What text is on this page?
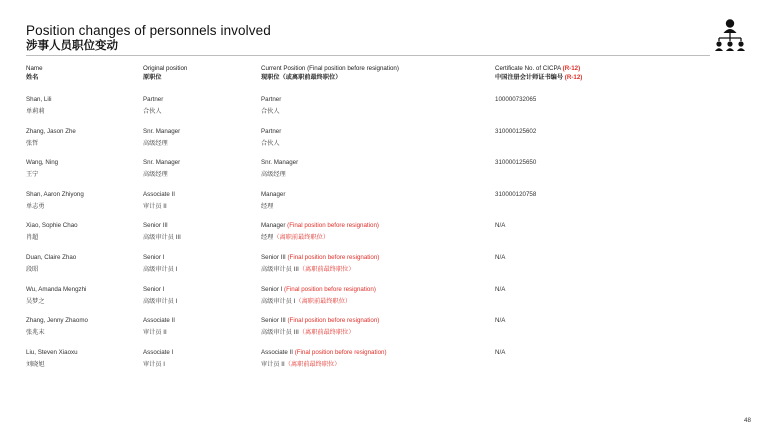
Position changes of personnels involved
涉事人员职位变动
Name
姓名
Original position
原职位
Current Position (Final position before resignation)
现职位（或离职前最终职位）
Certificate No. of CICPA (R-12)
中国注册会计师证书编号 (R-12)
Shan, Lili
单莉莉
Partner
合伙人
Partner
合伙人
100000732065
Zhang, Jason Zhe
张哲
Snr. Manager
高级经理
Partner
合伙人
310000125602
Wang, Ning
王宁
Snr. Manager
高级经理
Snr. Manager
高级经理
310000125650
Shan, Aaron Zhiyong
单志勇
Associate II
审计员 II
Manager
经理
310000120758
Xiao, Sophie Chao
肖超
Senior III
高级审计员 III
Manager (Final position before resignation)
经理（离职前最终职位）
N/A
Duan, Claire Zhao
段昭
Senior I
高级审计员 I
Senior III (Final position before resignation)
高级审计员 III（离职前最终职位）
N/A
Wu, Amanda Mengzhi
吴梦之
Senior I
高级审计员 I
Senior I (Final position before resignation)
高级审计员 I（离职前最终职位）
N/A
Zhang, Jenny Zhaomo
张兆末
Associate II
审计员 II
Senior III (Final position before resignation)
高级审计员 III（离职前最终职位）
N/A
Liu, Steven Xiaoxu
刘晓旭
Associate I
审计员 I
Associate II (Final position before resignation)
审计员 II（离职前最终职位）
N/A
48
